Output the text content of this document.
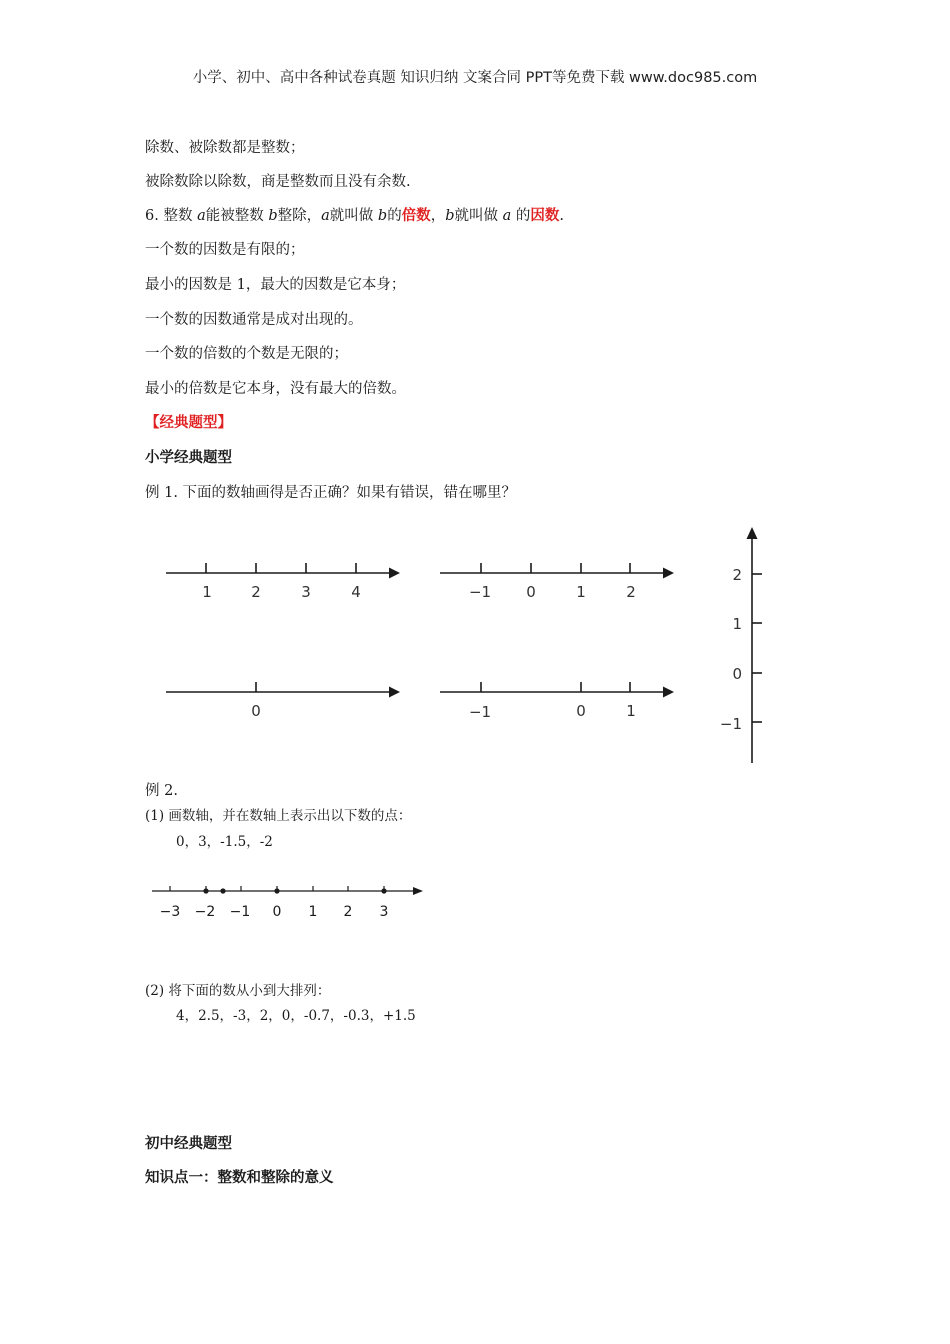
小学、初中、高中各种试卷真题 知识归纳 文案合同 PPT等免费下载 www.doc985.com
除数、被除数都是整数；
被除数除以除数，商是整数而且没有余数.
6. 整数 a能被整数 b整除，a就叫做 b的倍数，b就叫做 a 的因数.
一个数的因数是有限的；
最小的因数是 1，最大的因数是它本身；
一个数的因数通常是成对出现的。
一个数的倍数的个数是无限的；
最小的倍数是它本身，没有最大的倍数。
【经典题型】
小学经典题型
例 1. 下面的数轴画得是否正确？如果有错误，错在哪里？
1	2	3	4	−1 0	1	2
0	−1	0	1
2
1
0
−1
例 2.
(1) 画数轴，并在数轴上表示出以下数的点：
0，3，-1.5，-2
−3 −2 −1 0 1 2 3
(2) 将下面的数从小到大排列：
4，2.5，-3，2，0，-0.7，-0.3，+1.5
初中经典题型
知识点一：整数和整除的意义
